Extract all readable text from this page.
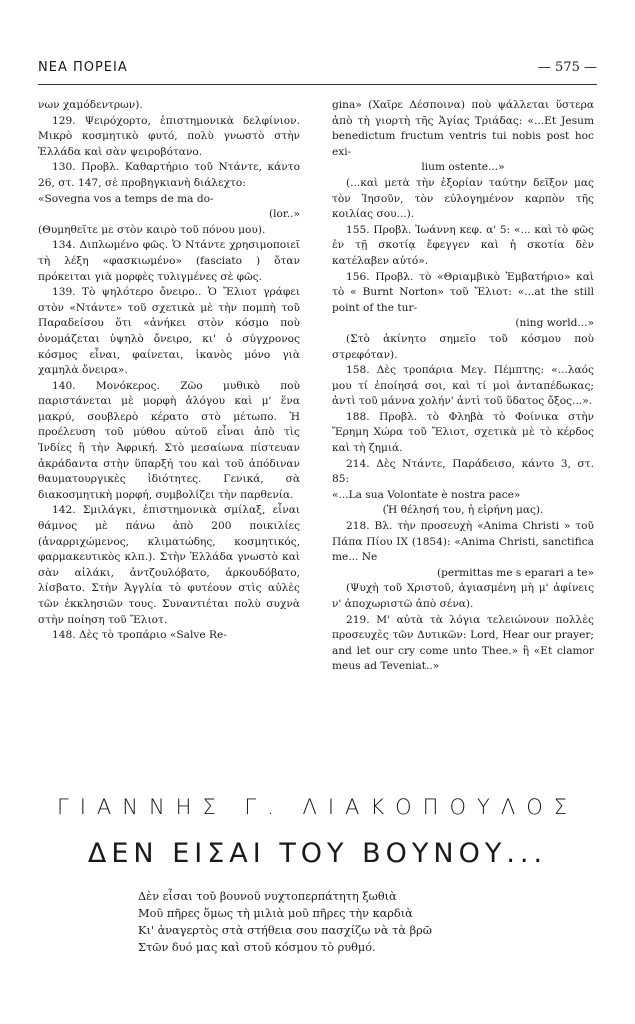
ΝΕΑ ΠΟΡΕΙΑ	— 575 —

νων χαμόδεντρων).

129. Ψειρόχορτο, ἐπιστημονικὰ δελφίνιον. Μικρὸ κοσμητικὸ φυτό, πολὺ γνωστὸ στὴν Ἑλλάδα καὶ σὰν ψειροβότανο.

130. Προβλ. Καθαρτήριο τοῦ Ντάντε, κάντο 26, στ. 147, σὲ προβηγκιανὴ διάλεχτο:

«Sovegna vos a temps de ma do-

(lor..»

(Θυμηθεῖτε με στὸν καιρὸ τοῦ πόνου μου).

134. Διπλωμένο φῶς. Ὁ Ντάντε χρησιμοποιεῖ τὴ λέξη «φασκιωμένο» (fasciato ) ὅταν πρόκειται γιὰ μορφὲς τυλιγμένες σὲ φῶς.

139. Τὸ ψηλότερο ὄνειρο.. Ὁ Ἔλιοτ γράφει στὸν «Ντάντε» τοῦ σχετικὰ μὲ τὴν πομπὴ τοῦ Παραδείσου ὅτι «ἀνήκει στὸν κόσμο ποὺ ὀνομάζεται ὑψηλὸ ὄνειρο, κι' ὁ σύγχρονος κόσμος εἶναι, φαίνεται, ἱκανὸς μόνο γιὰ χαμηλὰ ὄνειρα».

140. Μονόκερος. Ζῶο μυθικὸ ποὺ παριστάνεται μὲ μορφὴ ἀλόγου καὶ μ' ἕνα μακρύ, σουβλερὸ κέρατο στὸ μέτωπο. Ἡ προέλευση τοῦ μύθου αὐτοῦ εἶναι ἀπὸ τὶς Ἰνδίες ἢ τὴν Ἀφρική. Στὸ μεσαίωνα πίστευαν ἀκράδαντα στὴν ὕπαρξή του καὶ τοῦ ἀπόδιναν θαυματουργικὲς ἰδιότητες. Γενικά, σὰ διακοσμητικὴ μορφή, συμβολίζει τὴν παρθενία.

142. Σμιλάγκι, ἐπιστημονικὰ σμίλαξ, εἶναι θάμνος μὲ πάνω ἀπὸ 200 ποικιλίες (ἀναρριχώμενος, κλιματώδης, κοσμητικός, φαρμακευτικὸς κλπ.). Στὴν Ἑλλάδα γνωστὸ καὶ σὰν αἰλάκι, ἀντζουλόβατο, ἀρκουδόβατο, λίσβατο. Στὴν Ἀγγλία τὸ φυτέουν στὶς αὐλὲς τῶν ἐκκλησιῶν τους. Συναντιέται πολὺ συχνὰ στὴν ποίηση τοῦ Ἔλιοτ.

148. Δὲς τὸ τροπάριο «Salve Re-

gina» (Χαῖρε Δέσποινα) ποὺ ψάλλεται ὕστερα ἀπὸ τὴ γιορτὴ τῆς Ἁγίας Τριάδας: «...Et Jesum benedictum fructum ventris tui nobis post hoc exi-

lium ostente...»

(...καὶ μετὰ τὴν ἐξορίαν ταύτην δεῖξον μας τὸν Ἰησοῦν, τὸν εὐλογημένον καρπὸν τῆς κοιλίας σου...).

155. Προβλ. Ἰωάννη κεφ. α' 5: «... καὶ τὸ φῶς ἐν τῇ σκοτίᾳ ἔφεγγεν καὶ ἡ σκοτία δὲν κατέλαβεν αὐτό».

156. Προβλ. τὸ «Θριαμβικὸ Ἐμβατήριο» καὶ τὸ « Burnt Norton» τοῦ Ἔλιοτ: «...at the still point of the tur-

(ning world...»

(Στὸ ἀκίνητο σημεῖο τοῦ κόσμου ποὺ στρεφόταν).

158. Δὲς τροπάρια Μεγ. Πέμπτης: «...λαός μου τί ἐποίησά σοι, καὶ τί μοὶ ἀνταπέδωκας; ἀντὶ τοῦ μάννα χολήν' ἀντὶ τοῦ ὕδατος ὄξος...».

188. Προβλ. τὸ Φληβὰ τὸ Φοίνικα στὴν Ἔρημη Χώρα τοῦ Ἔλιοτ, σχετικὰ μὲ τὸ κέρδος καὶ τὴ ζημιά.

214. Δὲς Ντάντε, Παράδεισο, κάντο 3, στ. 85:

«...La sua Volontate è nostra pace»

(Ἡ θέλησή του, ἡ εἰρήνη μας).

218. Βλ. τὴν προσευχὴ «Anima Christi » τοῦ Πάπα Πίου IX (1854): «Anima Christi, sanctifica me... Ne

(permittas me s eparari a te»

(Ψυχὴ τοῦ Χριστοῦ, ἁγιασμένη μὴ μ' ἀφίνεις ν' ἀποχωριστῶ ἀπὸ σένα).

219. Μ' αὐτὰ τὰ λόγια τελειώνουν πολλὲς προσευχὲς τῶν Δυτικῶν: Lord, Hear our prayer; and let our cry come unto Thee.» ἢ «Et clamor meus ad Teveniat..»

ΓΙΑΝΝΗΣ Γ. ΛΙΑΚΟΠΟΥΛΟΣ
ΔΕΝ ΕΙΣΑΙ ΤΟΥ ΒΟΥΝΟΥ...
Δὲν εἶσαι τοῦ βουνοῦ νυχτοπερπάτητη ξωθιὰ
Μοῦ πῆρες ὅμως τὴ μιλιὰ μοῦ πῆρες τὴν καρδιὰ
Κι' ἀναγερτὸς στὰ στήθεια σου πασχίζω νὰ τὰ βρῶ
Στῶν δυό μας καὶ στοῦ κόσμου τὸ ρυθμό.
